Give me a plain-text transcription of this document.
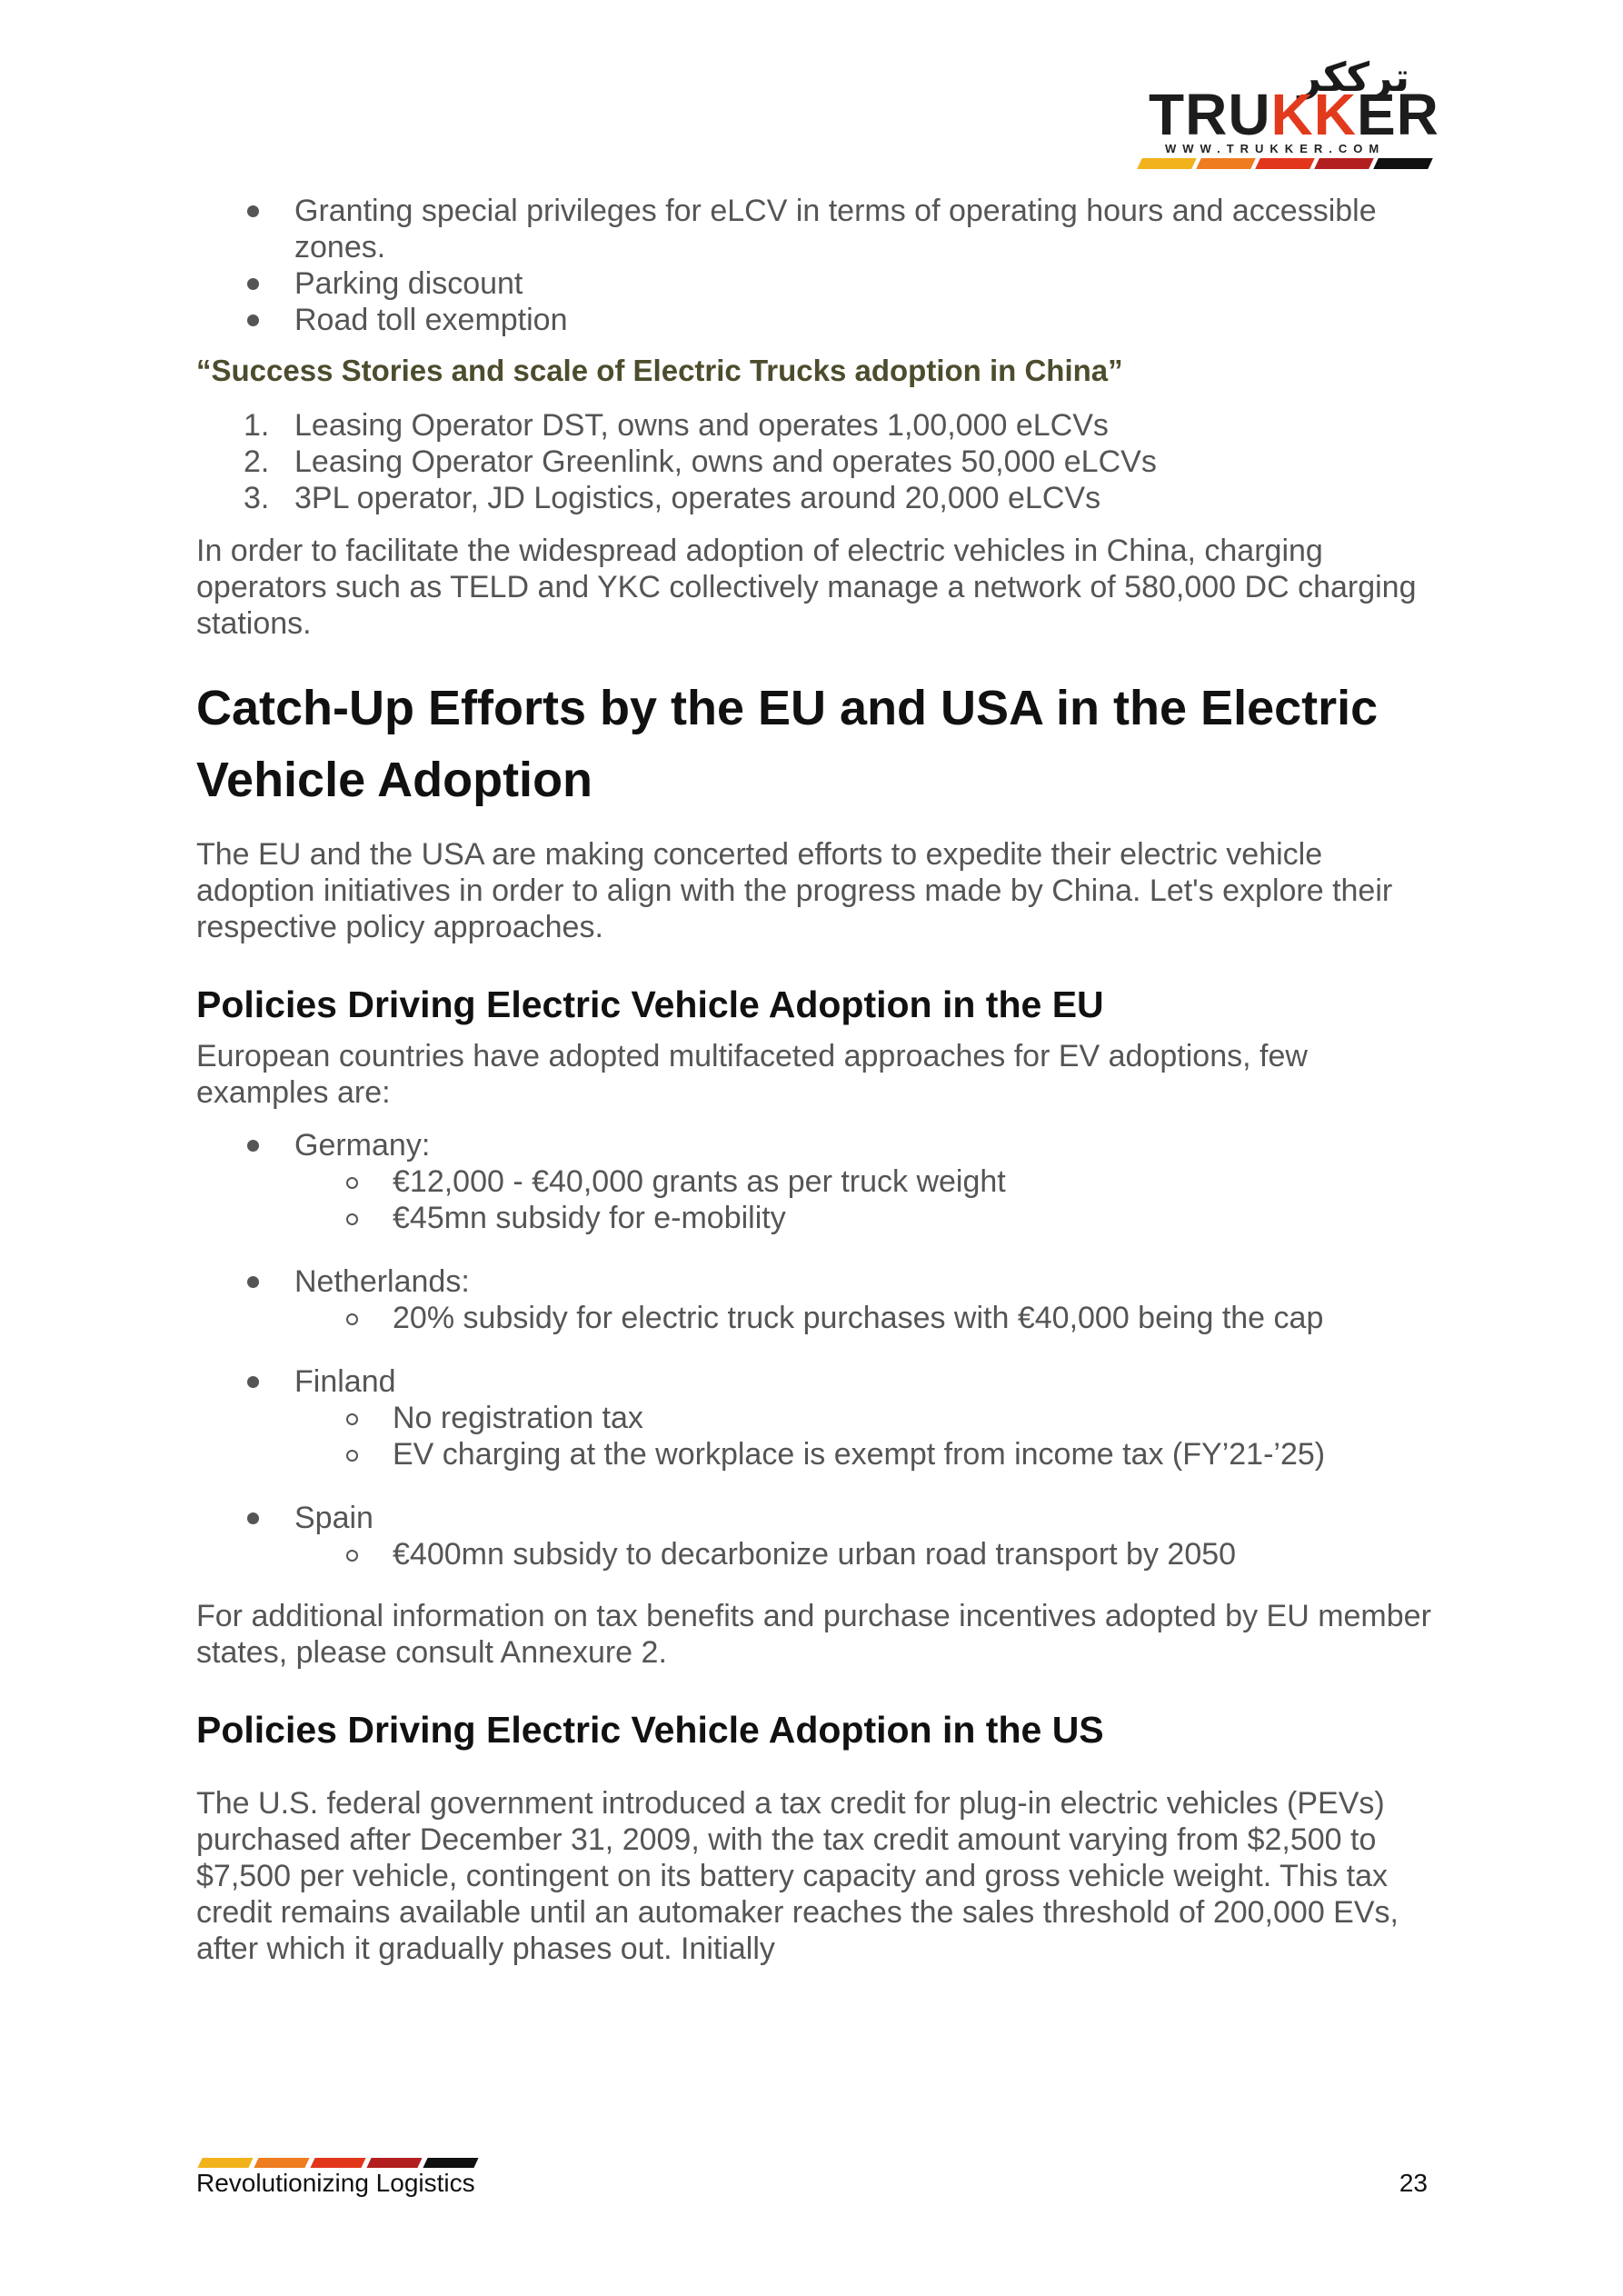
ترككر
TRUKKER
WWW.TRUKKER.COM
Granting special privileges for eLCV in terms of operating hours and accessible zones.
Parking discount
Road toll exemption
“Success Stories and scale of Electric Trucks adoption in China”
1. Leasing Operator DST, owns and operates 1,00,000 eLCVs
2. Leasing Operator Greenlink, owns and operates 50,000 eLCVs
3. 3PL operator, JD Logistics, operates around 20,000 eLCVs

In order to facilitate the widespread adoption of electric vehicles in China, charging operators such as TELD and YKC collectively manage a network of 580,000 DC charging stations.

Catch-Up Efforts by the EU and USA in the Electric Vehicle Adoption

The EU and the USA are making concerted efforts to expedite their electric vehicle adoption initiatives in order to align with the progress made by China. Let's explore their respective policy approaches.

Policies Driving Electric Vehicle Adoption in the EU

European countries have adopted multifaceted approaches for EV adoptions, few examples are:

Germany:
€12,000 - €40,000 grants as per truck weight
€45mn subsidy for e-mobility
Netherlands:
20% subsidy for electric truck purchases with €40,000 being the cap
Finland
No registration tax
EV charging at the workplace is exempt from income tax (FY’21-’25)
Spain
€400mn subsidy to decarbonize urban road transport by 2050

For additional information on tax benefits and purchase incentives adopted by EU member states, please consult Annexure 2.

Policies Driving Electric Vehicle Adoption in the US

The U.S. federal government introduced a tax credit for plug-in electric vehicles (PEVs) purchased after December 31, 2009, with the tax credit amount varying from $2,500 to $7,500 per vehicle, contingent on its battery capacity and gross vehicle weight. This tax credit remains available until an automaker reaches the sales threshold of 200,000 EVs, after which it gradually phases out. Initially

Revolutionizing Logistics	23
